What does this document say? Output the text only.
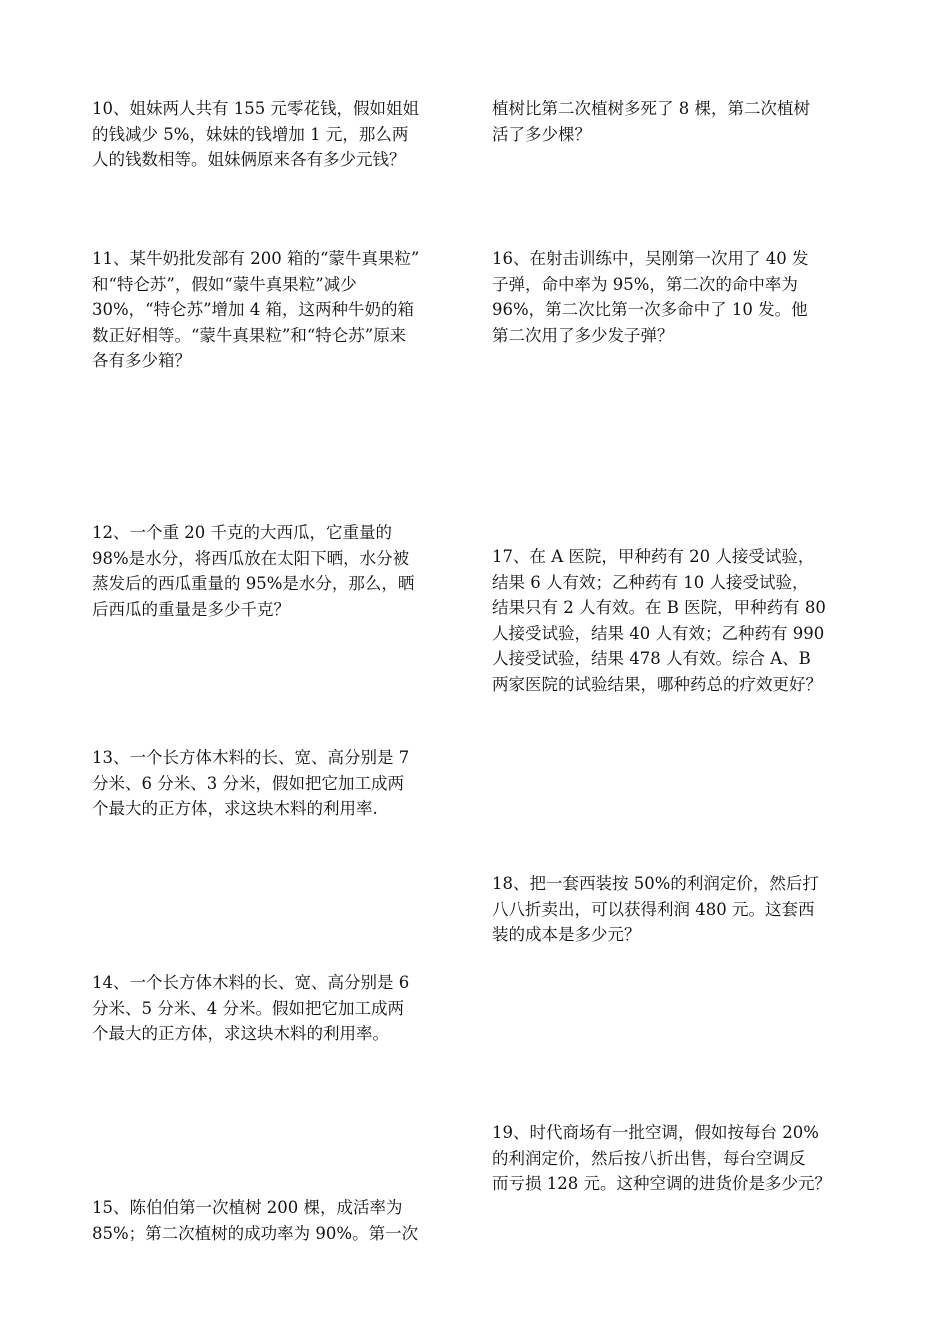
10、姐妹两人共有 155 元零花钱，假如姐姐
的钱减少 5%，妹妹的钱增加 1 元，那么两
人的钱数相等。姐妹俩原来各有多少元钱？
植树比第二次植树多死了 8 棵，第二次植树
活了多少棵？
11、某牛奶批发部有 200 箱的“蒙牛真果粒”
和“特仑苏”，假如“蒙牛真果粒”减少
30%，“特仑苏”增加 4 箱，这两种牛奶的箱
数正好相等。“蒙牛真果粒”和“特仑苏”原来
各有多少箱？
16、在射击训练中，吴刚第一次用了 40 发
子弹，命中率为 95%，第二次的命中率为
96%，第二次比第一次多命中了 10 发。他
第二次用了多少发子弹？
12、一个重 20 千克的大西瓜，它重量的
98%是水分，将西瓜放在太阳下晒，水分被
蒸发后的西瓜重量的 95%是水分，那么，晒
后西瓜的重量是多少千克？
17、在 A 医院，甲种药有 20 人接受试验，
结果 6 人有效；乙种药有 10 人接受试验，
结果只有 2 人有效。在 B 医院，甲种药有 80
人接受试验，结果 40 人有效；乙种药有 990
人接受试验，结果 478 人有效。综合 A、B
两家医院的试验结果，哪种药总的疗效更好？
13、一个长方体木料的长、宽、高分别是 7
分米、6 分米、3 分米，假如把它加工成两
个最大的正方体，求这块木料的利用率.
18、把一套西装按 50%的利润定价，然后打
八八折卖出，可以获得利润 480 元。这套西
装的成本是多少元？
14、一个长方体木料的长、宽、高分别是 6
分米、5 分米、4 分米。假如把它加工成两
个最大的正方体，求这块木料的利用率。
19、时代商场有一批空调，假如按每台 20%
的利润定价，然后按八折出售，每台空调反
而亏损 128 元。这种空调的进货价是多少元？
15、陈伯伯第一次植树 200 棵，成活率为
85%；第二次植树的成功率为 90%。第一次
